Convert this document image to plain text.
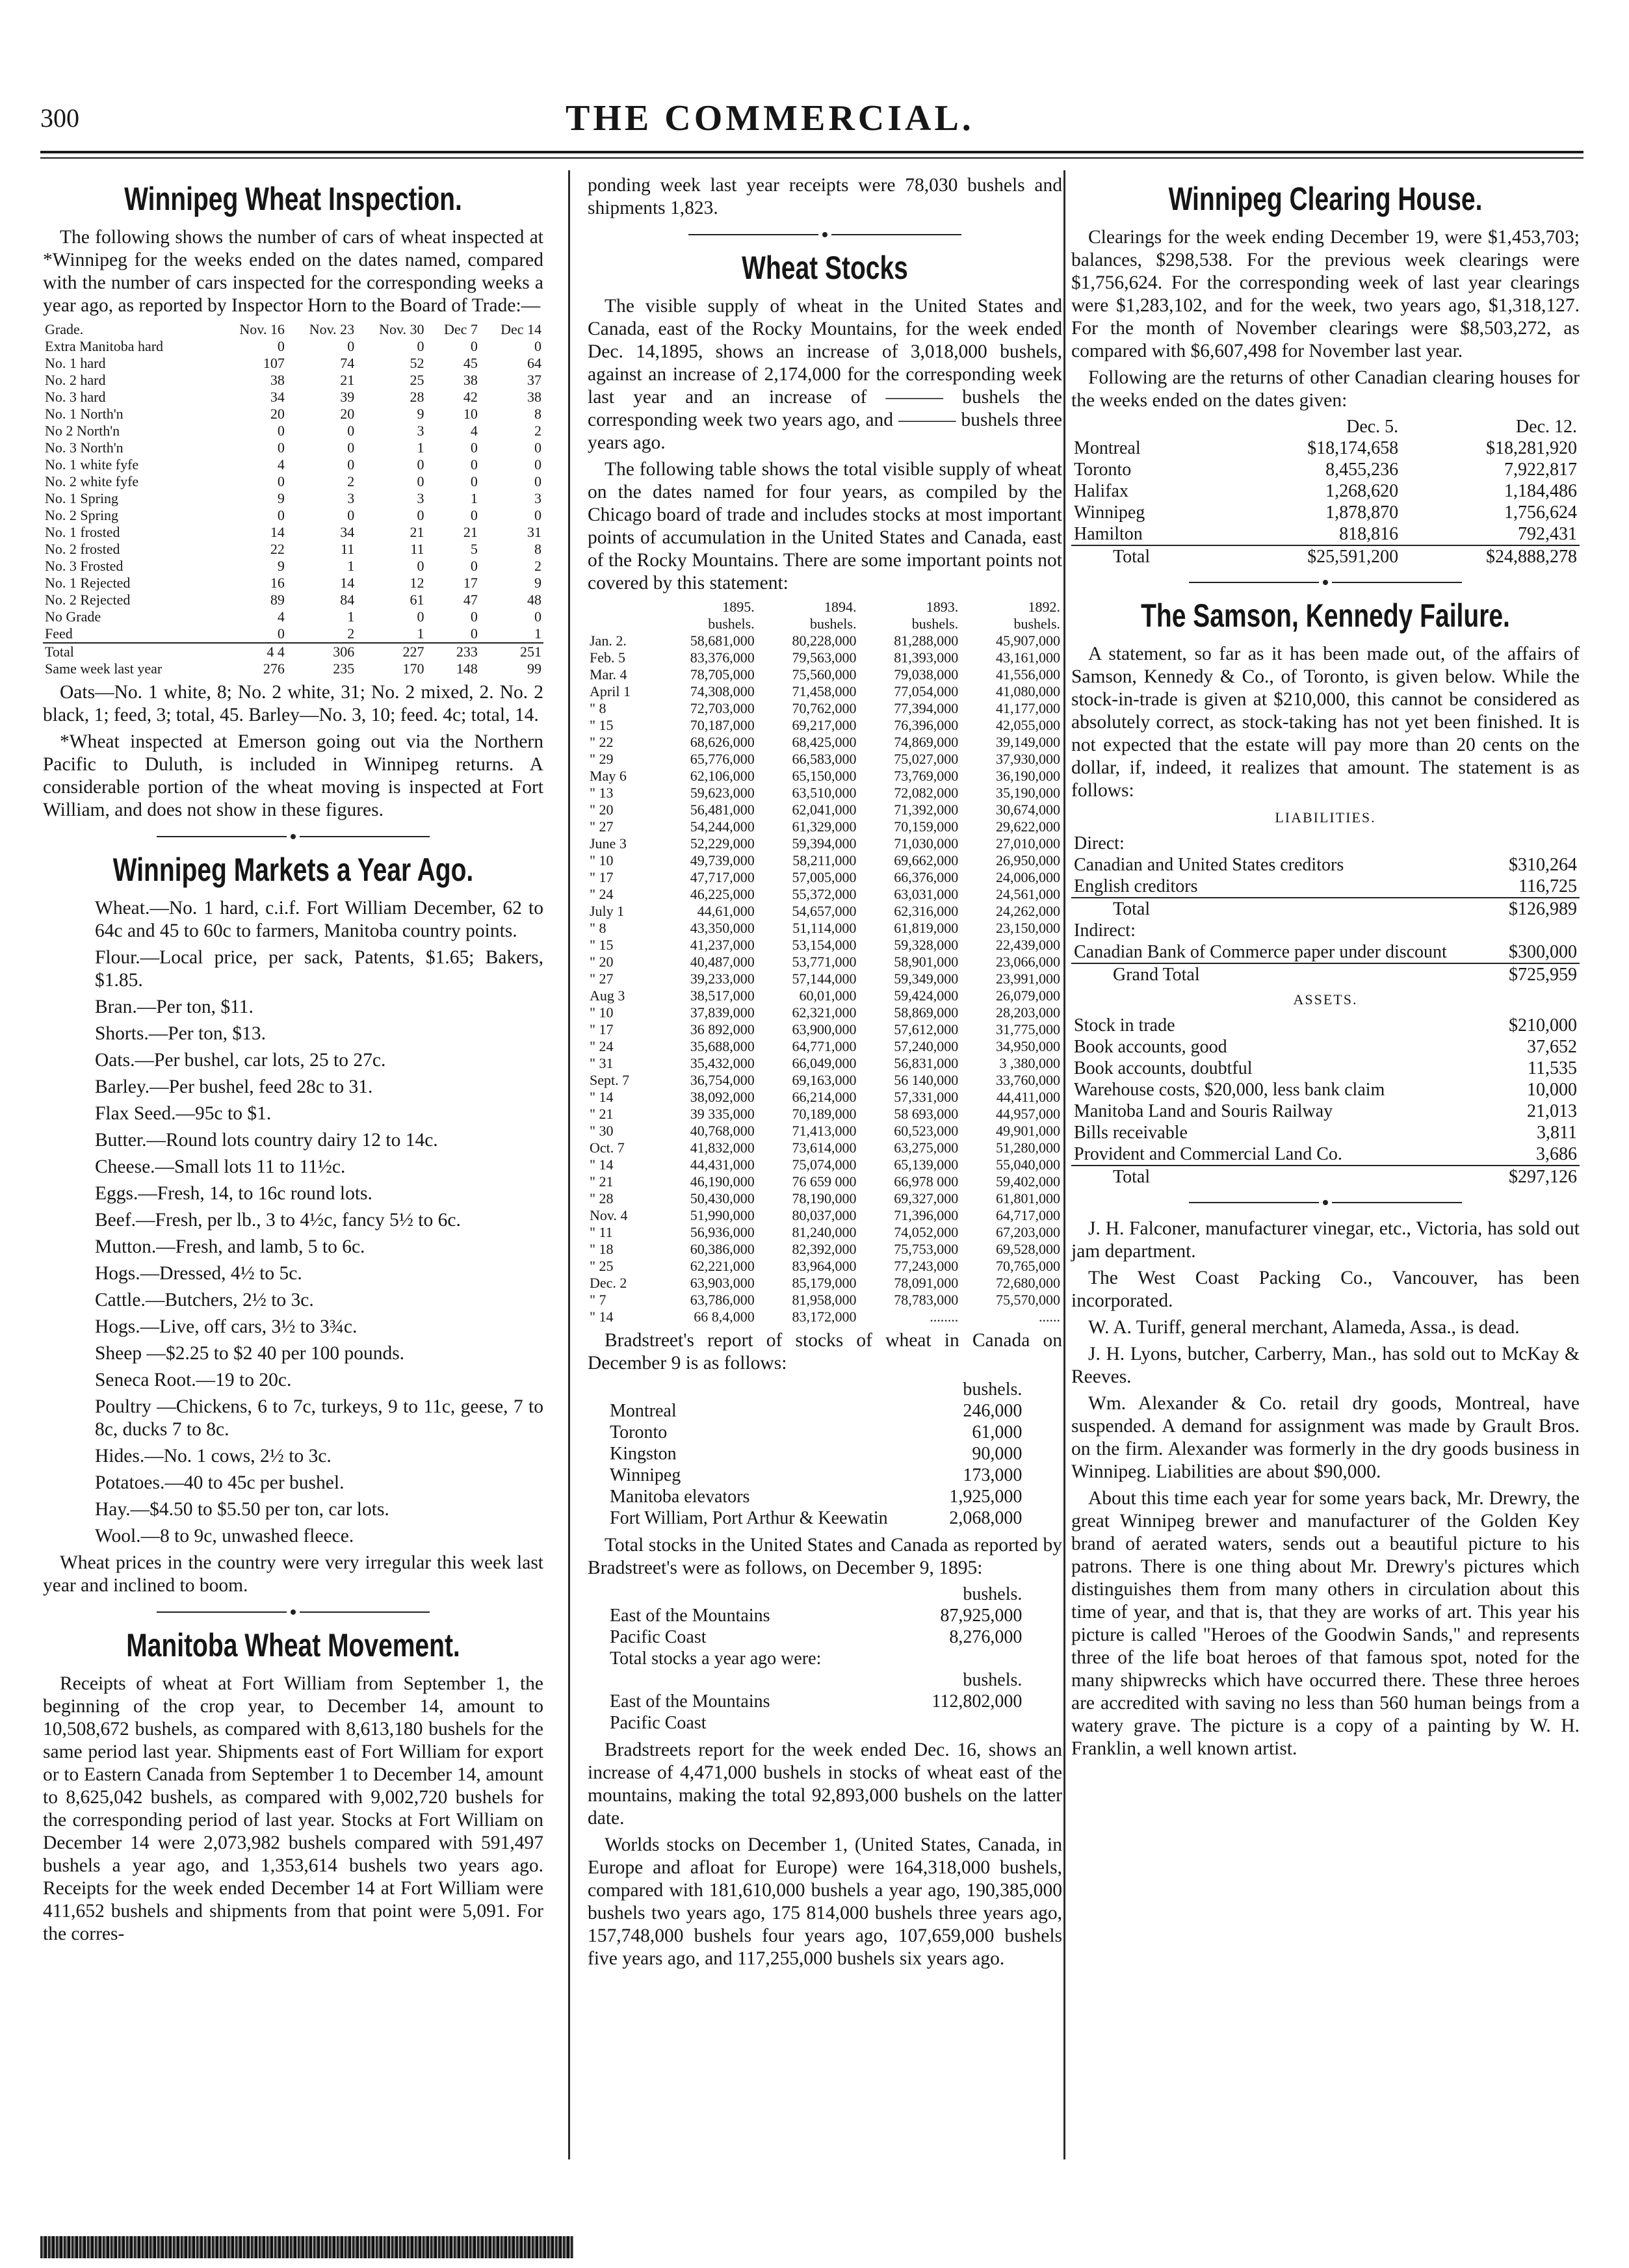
300	THE COMMERCIAL.
Winnipeg Wheat Inspection.

The following shows the number of cars of wheat inspected at *Winnipeg for the weeks ended on the dates named, compared with the number of cars inspected for the corresponding weeks a year ago, as reported by Inspector Horn to the Board of Trade:—

Grade.	Nov. 16	Nov. 23	Nov. 30	Dec 7	Dec 14
Extra Manitoba hard	0	0	0	0	0
No. 1 hard	107	74	52	45	64
No. 2 hard	38	21	25	38	37
No. 3 hard	34	39	28	42	38
No. 1 North'n	20	20	9	10	8
No 2 North'n	0	0	3	4	2
No. 3 North'n	0	0	1	0	0
No. 1 white fyfe	4	0	0	0	0
No. 2 white fyfe	0	2	0	0	0
No. 1 Spring	9	3	3	1	3
No. 2 Spring	0	0	0	0	0
No. 1 frosted	14	34	21	21	31
No. 2 frosted	22	11	11	5	8
No. 3 Frosted	9	1	0	0	2
No. 1 Rejected	16	14	12	17	9
No. 2 Rejected	89	84	61	47	48
No Grade	4	1	0	0	0
Feed	0	2	1	0	1
Total	4 4	306	227	233	251
Same week last year	276	235	170	148	99

Oats—No. 1 white, 8; No. 2 white, 31; No. 2 mixed, 2. No. 2 black, 1; feed, 3; total, 45. Barley—No. 3, 10; feed. 4c; total, 14.

*Wheat inspected at Emerson going out via the Northern Pacific to Duluth, is included in Winnipeg returns. A considerable portion of the wheat moving is inspected at Fort William, and does not show in these figures.

Winnipeg Markets a Year Ago.

Wheat.—No. 1 hard, c.i.f. Fort William December, 62 to 64c and 45 to 60c to farmers, Manitoba country points.

Flour.—Local price, per sack, Patents, $1.65; Bakers, $1.85.

Bran.—Per ton, $11.

Shorts.—Per ton, $13.

Oats.—Per bushel, car lots, 25 to 27c.

Barley.—Per bushel, feed 28c to 31.

Flax Seed.—95c to $1.

Butter.—Round lots country dairy 12 to 14c.

Cheese.—Small lots 11 to 11½c.

Eggs.—Fresh, 14, to 16c round lots.

Beef.—Fresh, per lb., 3 to 4½c, fancy 5½ to 6c.

Mutton.—Fresh, and lamb, 5 to 6c.

Hogs.—Dressed, 4½ to 5c.

Cattle.—Butchers, 2½ to 3c.

Hogs.—Live, off cars, 3½ to 3¾c.

Sheep —$2.25 to $2 40 per 100 pounds.

Seneca Root.—19 to 20c.

Poultry —Chickens, 6 to 7c, turkeys, 9 to 11c, geese, 7 to 8c, ducks 7 to 8c.

Hides.—No. 1 cows, 2½ to 3c.

Potatoes.—40 to 45c per bushel.

Hay.—$4.50 to $5.50 per ton, car lots.

Wool.—8 to 9c, unwashed fleece.

Wheat prices in the country were very irregular this week last year and inclined to boom.

Manitoba Wheat Movement.

Receipts of wheat at Fort William from September 1, the beginning of the crop year, to December 14, amount to 10,508,672 bushels, as compared with 8,613,180 bushels for the same period last year. Shipments east of Fort William for export or to Eastern Canada from September 1 to December 14, amount to 8,625,042 bushels, as compared with 9,002,720 bushels for the corresponding period of last year. Stocks at Fort William on December 14 were 2,073,982 bushels compared with 591,497 bushels a year ago, and 1,353,614 bushels two years ago. Receipts for the week ended December 14 at Fort William were 411,652 bushels and shipments from that point were 5,091. For the corres-

ponding week last year receipts were 78,030 bushels and shipments 1,823.

Wheat Stocks

The visible supply of wheat in the United States and Canada, east of the Rocky Mountains, for the week ended Dec. 14,1895, shows an increase of 3,018,000 bushels, against an increase of 2,174,000 for the corresponding week last year and an increase of ——— bushels the corresponding week two years ago, and ——— bushels three years ago.

The following table shows the total visible supply of wheat on the dates named for four years, as compiled by the Chicago board of trade and includes stocks at most important points of accumulation in the United States and Canada, east of the Rocky Mountains. There are some important points not covered by this statement:

	1895.	1894.	1893.	1892.
	bushels.	bushels.	bushels.	bushels.
Jan. 2.	58,681,000	80,228,000	81,288,000	45,907,000
Feb. 5	83,376,000	79,563,000	81,393,000	43,161,000
Mar. 4	78,705,000	75,560,000	79,038,000	41,556,000
April 1	74,308,000	71,458,000	77,054,000	41,080,000
" 8	72,703,000	70,762,000	77,394,000	41,177,000
" 15	70,187,000	69,217,000	76,396,000	42,055,000
" 22	68,626,000	68,425,000	74,869,000	39,149,000
" 29	65,776,000	66,583,000	75,027,000	37,930,000
May 6	62,106,000	65,150,000	73,769,000	36,190,000
" 13	59,623,000	63,510,000	72,082,000	35,190,000
" 20	56,481,000	62,041,000	71,392,000	30,674,000
" 27	54,244,000	61,329,000	70,159,000	29,622,000
June 3	52,229,000	59,394,000	71,030,000	27,010,000
" 10	49,739,000	58,211,000	69,662,000	26,950,000
" 17	47,717,000	57,005,000	66,376,000	24,006,000
" 24	46,225,000	55,372,000	63,031,000	24,561,000
July 1	44,61,000	54,657,000	62,316,000	24,262,000
" 8	43,350,000	51,114,000	61,819,000	23,150,000
" 15	41,237,000	53,154,000	59,328,000	22,439,000
" 20	40,487,000	53,771,000	58,901,000	23,066,000
" 27	39,233,000	57,144,000	59,349,000	23,991,000
Aug 3	38,517,000	60,01,000	59,424,000	26,079,000
" 10	37,839,000	62,321,000	58,869,000	28,203,000
" 17	36 892,000	63,900,000	57,612,000	31,775,000
" 24	35,688,000	64,771,000	57,240,000	34,950,000
" 31	35,432,000	66,049,000	56,831,000	3 ,380,000
Sept. 7	36,754,000	69,163,000	56 140,000	33,760,000
" 14	38,092,000	66,214,000	57,331,000	44,411,000
" 21	39 335,000	70,189,000	58 693,000	44,957,000
" 30	40,768,000	71,413,000	60,523,000	49,901,000
Oct. 7	41,832,000	73,614,000	63,275,000	51,280,000
" 14	44,431,000	75,074,000	65,139,000	55,040,000
" 21	46,190,000	76 659 000	66,978 000	59,402,000
" 28	50,430,000	78,190,000	69,327,000	61,801,000
Nov. 4	51,990,000	80,037,000	71,396,000	64,717,000
" 11	56,936,000	81,240,000	74,052,000	67,203,000
" 18	60,386,000	82,392,000	75,753,000	69,528,000
" 25	62,221,000	83,964,000	77,243,000	70,765,000
Dec. 2	63,903,000	85,179,000	78,091,000	72,680,000
" 7	63,786,000	81,958,000	78,783,000	75,570,000
" 14	66 8,4,000	83,172,000	........	......

Bradstreet's report of stocks of wheat in Canada on December 9 is as follows:

	bushels.
Montreal	246,000
Toronto	61,000
Kingston	90,000
Winnipeg	173,000
Manitoba elevators	1,925,000
Fort William, Port Arthur & Keewatin	2,068,000

Total stocks in the United States and Canada as reported by Bradstreet's were as follows, on December 9, 1895:

	bushels.
East of the Mountains	87,925,000
Pacific Coast	8,276,000
Total stocks a year ago were:	
	bushels.
East of the Mountains	112,802,000
Pacific Coast	

Bradstreets report for the week ended Dec. 16, shows an increase of 4,471,000 bushels in stocks of wheat east of the mountains, making the total 92,893,000 bushels on the latter date.

Worlds stocks on December 1, (United States, Canada, in Europe and afloat for Europe) were 164,318,000 bushels, compared with 181,610,000 bushels a year ago, 190,385,000 bushels two years ago, 175 814,000 bushels three years ago, 157,748,000 bushels four years ago, 107,659,000 bushels five years ago, and 117,255,000 bushels six years ago.

Winnipeg Clearing House.

Clearings for the week ending December 19, were $1,453,703; balances, $298,538. For the previous week clearings were $1,756,624. For the corresponding week of last year clearings were $1,283,102, and for the week, two years ago, $1,318,127. For the month of November clearings were $8,503,272, as compared with $6,607,498 for November last year.

Following are the returns of other Canadian clearing houses for the weeks ended on the dates given:

	Dec. 5.	Dec. 12.
Montreal	$18,174,658	$18,281,920
Toronto	8,455,236	7,922,817
Halifax	1,268,620	1,184,486
Winnipeg	1,878,870	1,756,624
Hamilton	818,816	792,431
Total	$25,591,200	$24,888,278
The Samson, Kennedy Failure.

A statement, so far as it has been made out, of the affairs of Samson, Kennedy & Co., of Toronto, is given below. While the stock-in-trade is given at $210,000, this cannot be considered as absolutely correct, as stock-taking has not yet been finished. It is not expected that the estate will pay more than 20 cents on the dollar, if, indeed, it realizes that amount. The statement is as follows:

LIABILITIES.

Direct:	
Canadian and United States creditors	$310,264
English creditors	116,725
Total	$126,989
Indirect:	
Canadian Bank of Commerce paper under discount	$300,000
Grand Total	$725,959

ASSETS.

Stock in trade	$210,000
Book accounts, good	37,652
Book accounts, doubtful	11,535
Warehouse costs, $20,000, less bank claim	10,000
Manitoba Land and Souris Railway	21,013
Bills receivable	3,811
Provident and Commercial Land Co.	3,686
Total	$297,126

J. H. Falconer, manufacturer vinegar, etc., Victoria, has sold out jam department.

The West Coast Packing Co., Vancouver, has been incorporated.

W. A. Turiff, general merchant, Alameda, Assa., is dead.

J. H. Lyons, butcher, Carberry, Man., has sold out to McKay & Reeves.

Wm. Alexander & Co. retail dry goods, Montreal, have suspended. A demand for assignment was made by Grault Bros. on the firm. Alexander was formerly in the dry goods business in Winnipeg. Liabilities are about $90,000.

About this time each year for some years back, Mr. Drewry, the great Winnipeg brewer and manufacturer of the Golden Key brand of aerated waters, sends out a beautiful picture to his patrons. There is one thing about Mr. Drewry's pictures which distinguishes them from many others in circulation about this time of year, and that is, that they are works of art. This year his picture is called "Heroes of the Goodwin Sands," and represents three of the life boat heroes of that famous spot, noted for the many shipwrecks which have occurred there. These three heroes are accredited with saving no less than 560 human beings from a watery grave. The picture is a copy of a painting by W. H. Franklin, a well known artist.
